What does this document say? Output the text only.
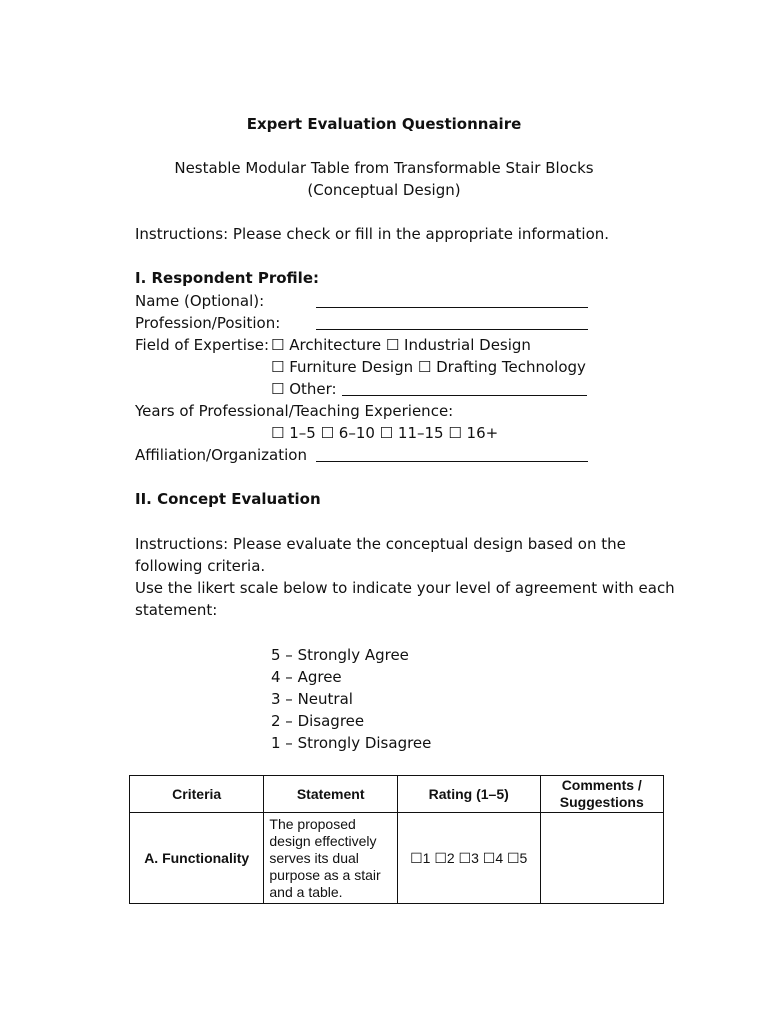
Expert Evaluation Questionnaire
Nestable Modular Table from Transformable Stair Blocks
(Conceptual Design)
Instructions: Please check or fill in the appropriate information.
I. Respondent Profile:
Name (Optional):
Profession/Position:
Field of Expertise: ☐ Architecture ☐ Industrial Design
☐ Furniture Design ☐ Drafting Technology
☐ Other:
Years of Professional/Teaching Experience:
☐ 1–5 ☐ 6–10 ☐ 11–15 ☐ 16+
Affiliation/Organization
II. Concept Evaluation
Instructions: Please evaluate the conceptual design based on the
following criteria.
Use the likert scale below to indicate your level of agreement with each
statement:
5 – Strongly Agree
4 – Agree
3 – Neutral
2 – Disagree
1 – Strongly Disagree
Criteria	Statement	Rating (1–5)	Comments /
Suggestions
A. Functionality	The proposed design effectively serves its dual purpose as a stair and a table.	☐1 ☐2 ☐3 ☐4 ☐5	
